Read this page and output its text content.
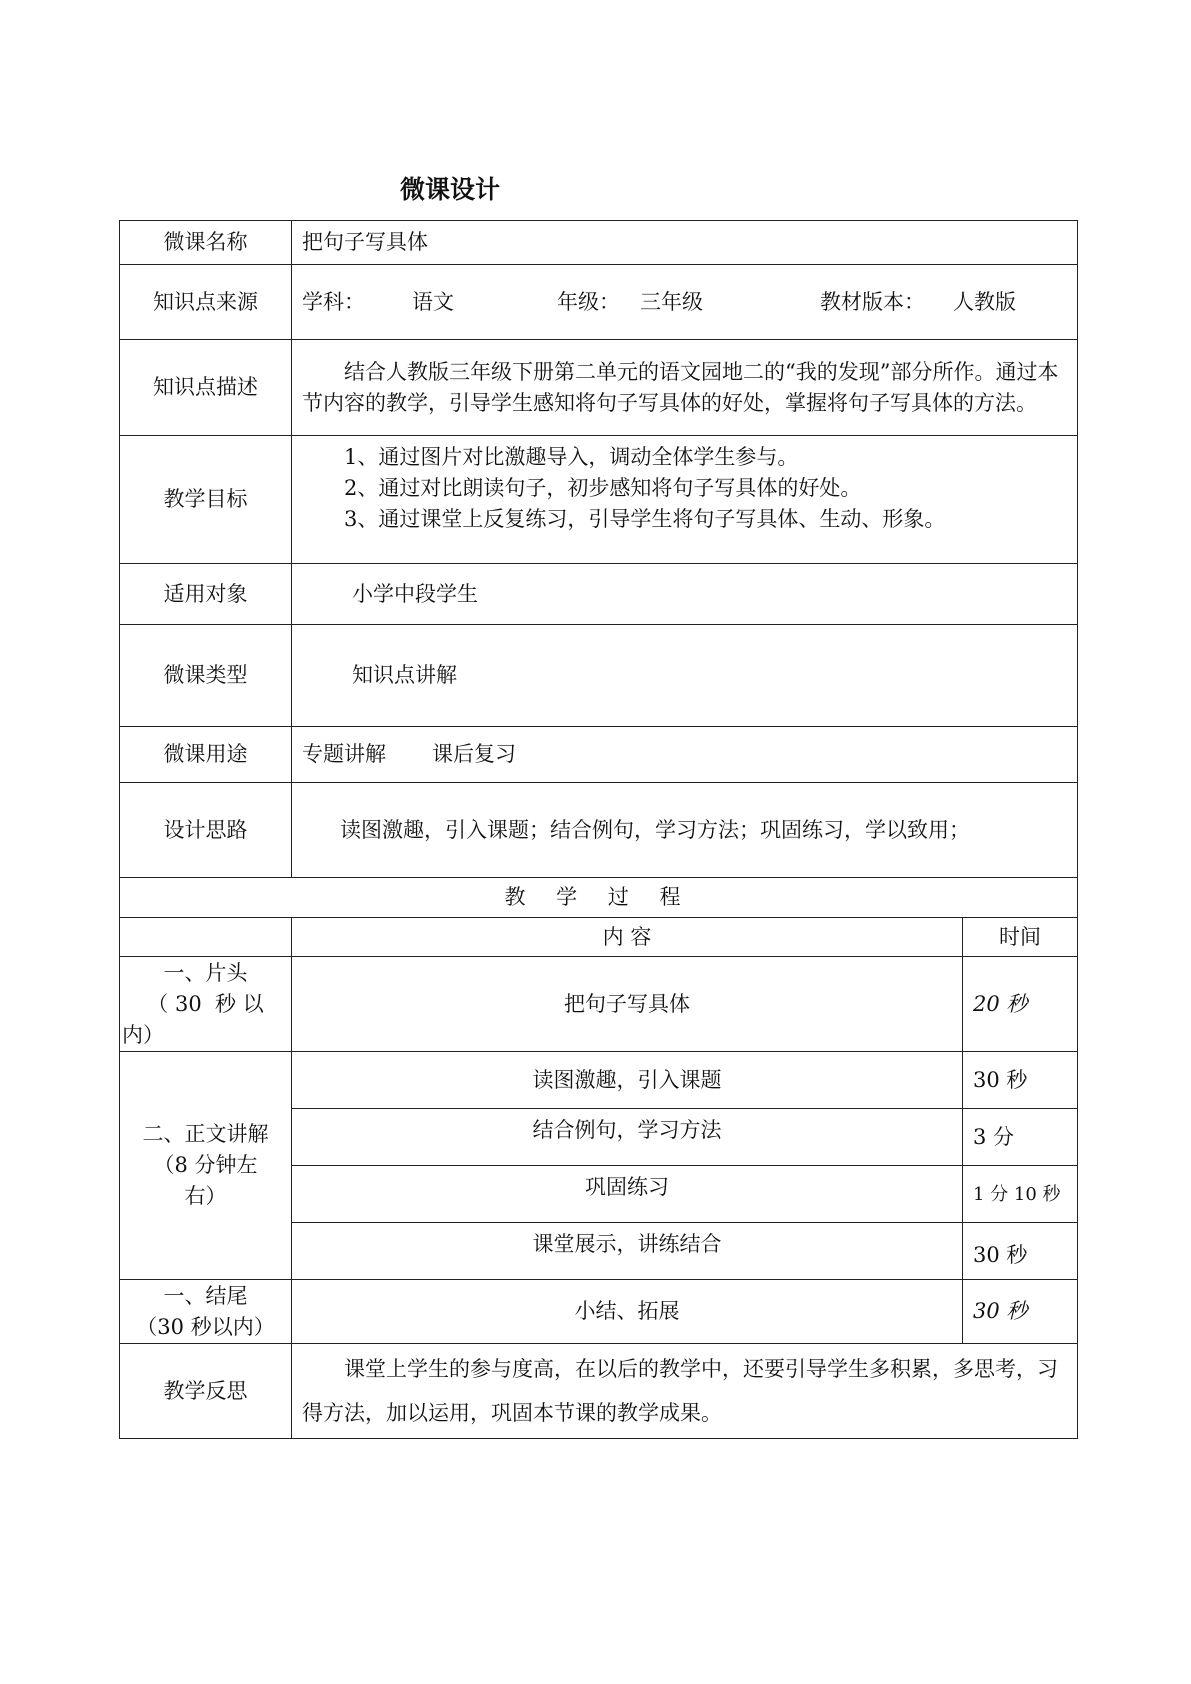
微课设计
微课名称	把句子写具体	
知识点来源	学科： 语文 年级： 三年级 教材版本： 人教版	
知识点描述	结合人教版三年级下册第二单元的语文园地二的“我的发现”部分所作。通过本节内容的教学，引导学生感知将句子写具体的好处，掌握将句子写具体的方法。	
教学目标	1、通过图片对比激趣导入，调动全体学生参与。
2、通过对比朗读句子，初步感知将句子写具体的好处。
3、通过课堂上反复练习，引导学生将句子写具体、生动、形象。	

适用对象	小学中段学生	
微课类型	知识点讲解	
微课用途	专题讲解 课后复习	
设计思路	读图激趣，引入课题；结合例句，学习方法；巩固练习，学以致用；	
教 学 过 程		
	内 容	时间

一、片头
（ 30  秒 以
内）	把句子写具体	20 秒

二、正文讲解
（8 分钟左
右）	读图激趣，引入课题	30 秒
	结合例句，学习方法	3 分
	巩固练习	1 分 10 秒
	课堂展示，讲练结合	30 秒

一、结尾
（30 秒以内）	小结、拓展	30 秒
教学反思	课堂上学生的参与度高，在以后的教学中，还要引导学生多积累，多思考，习得方法，加以运用，巩固本节课的教学成果。	
